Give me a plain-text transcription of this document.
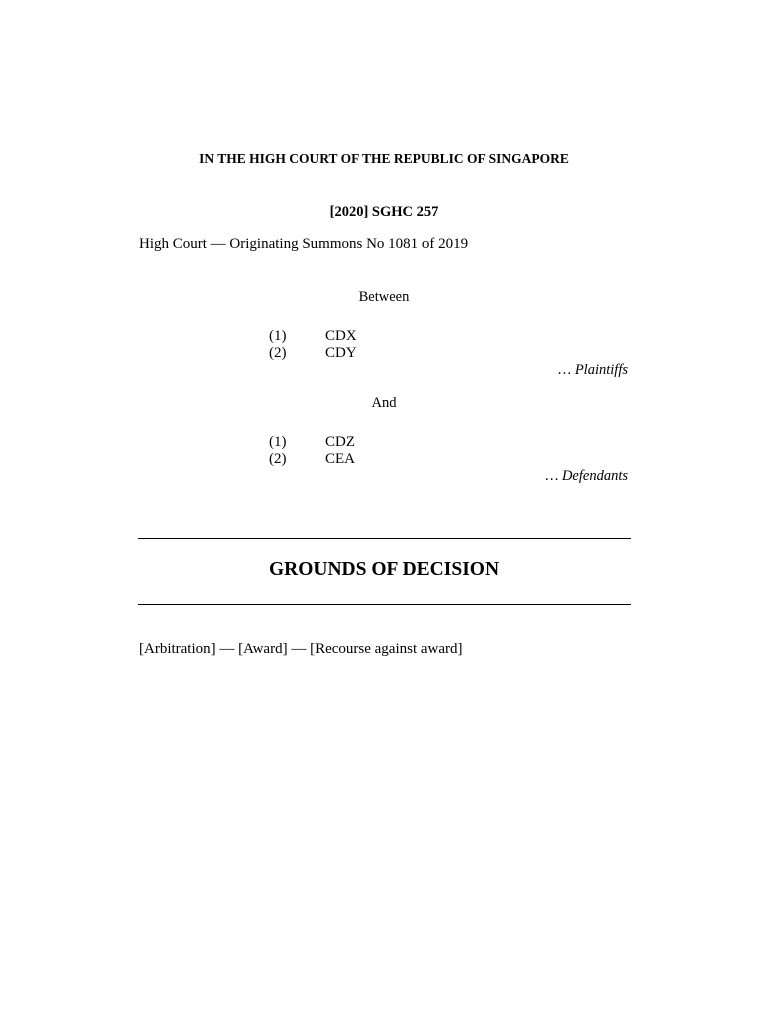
IN THE HIGH COURT OF THE REPUBLIC OF SINGAPORE
[2020] SGHC 257
High Court — Originating Summons No 1081 of 2019
Between
(1)	CDX
(2)	CDY
… Plaintiffs
And
(1)	CDZ
(2)	CEA
… Defendants
GROUNDS OF DECISION
[Arbitration] — [Award] — [Recourse against award]
